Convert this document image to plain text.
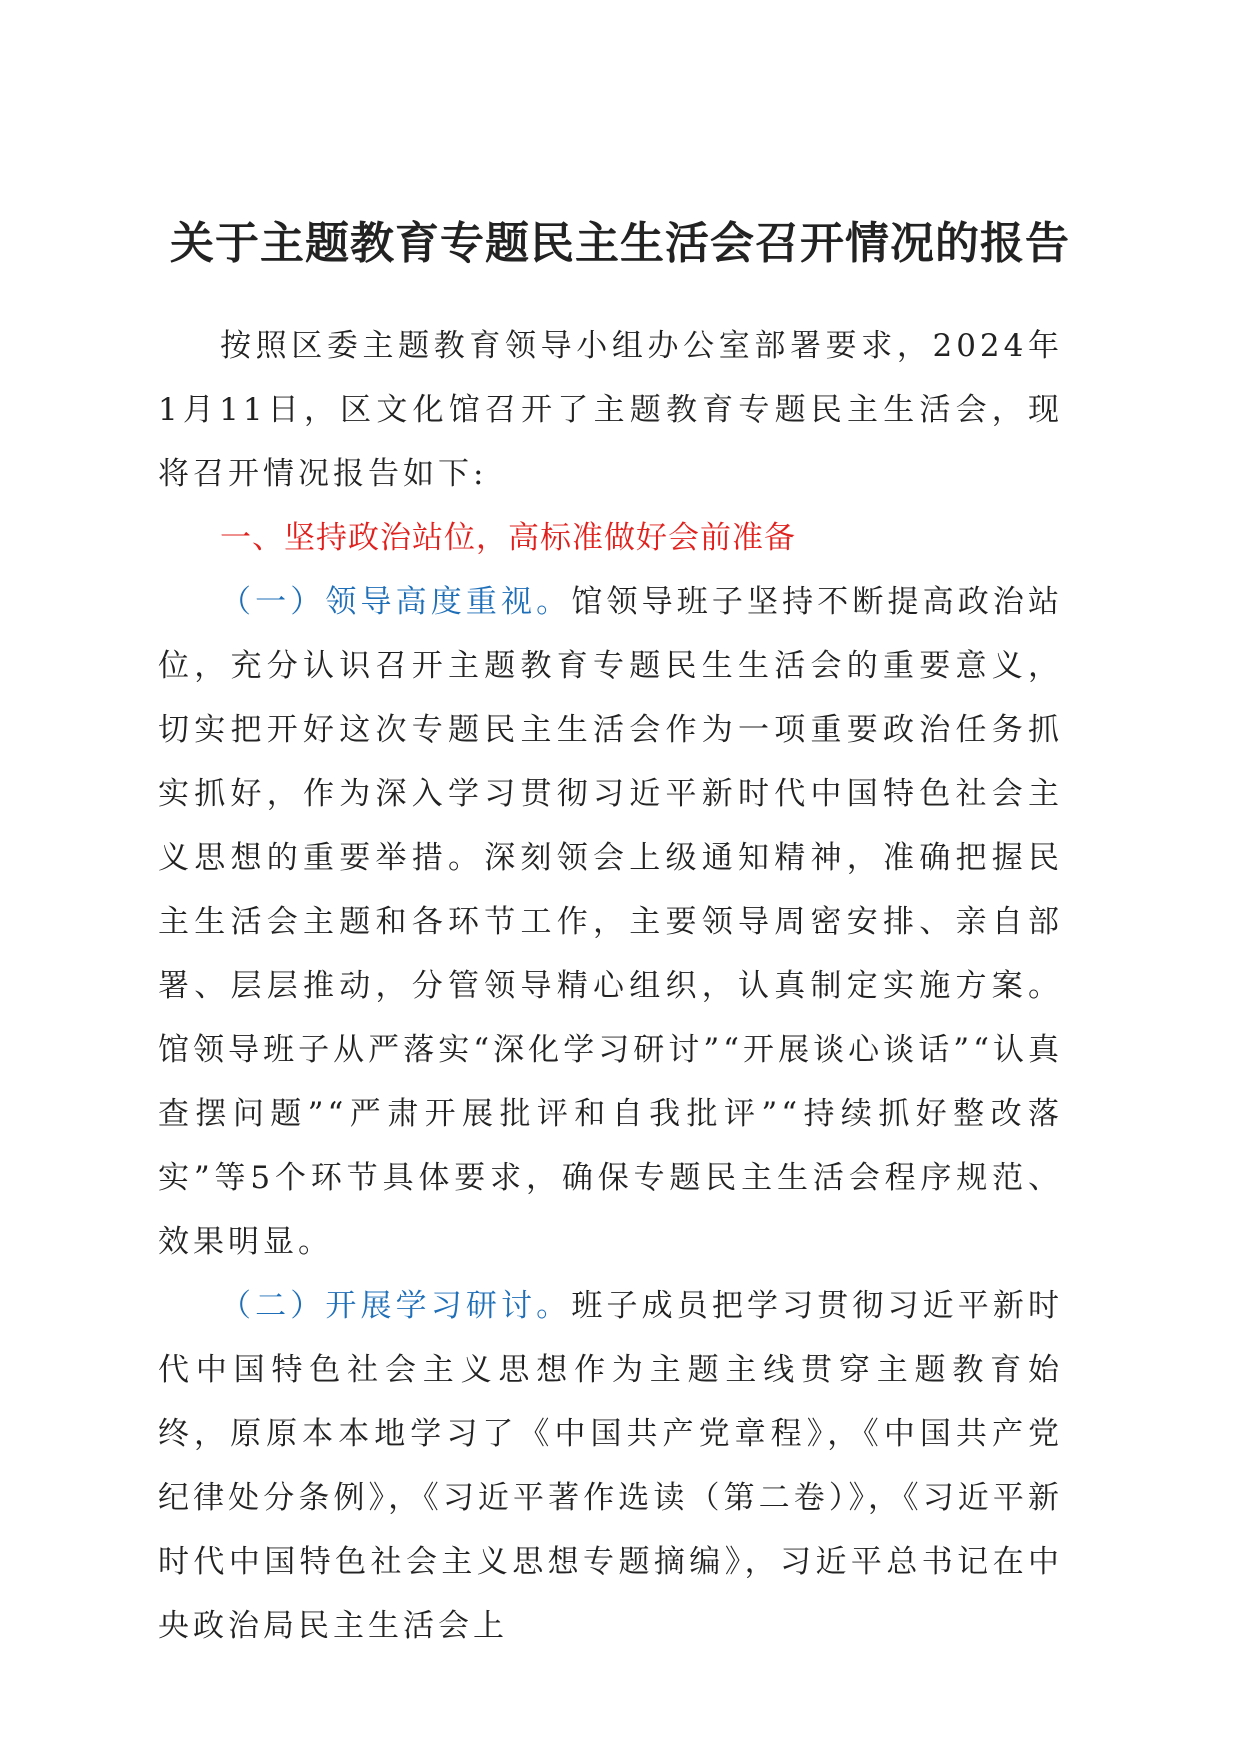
关于主题教育专题民主生活会召开情况的报告

按照区委主题教育领导小组办公室部署要求，2024年1月11日，区文化馆召开了主题教育专题民主生活会，现将召开情况报告如下:

一、坚持政治站位，高标准做好会前准备

（一）领导高度重视。馆领导班子坚持不断提高政治站位，充分认识召开主题教育专题民生生活会的重要意义，切实把开好这次专题民主生活会作为一项重要政治任务抓实抓好，作为深入学习贯彻习近平新时代中国特色社会主义思想的重要举措。深刻领会上级通知精神，准确把握民主生活会主题和各环节工作，主要领导周密安排、亲自部署、层层推动，分管领导精心组织，认真制定实施方案。馆领导班子从严落实“深化学习研讨”“开展谈心谈话”“认真查摆问题”“严肃开展批评和自我批评”“持续抓好整改落实”等5个环节具体要求，确保专题民主生活会程序规范、效果明显。

（二）开展学习研讨。班子成员把学习贯彻习近平新时代中国特色社会主义思想作为主题主线贯穿主题教育始终，原原本本地学习了《中国共产党章程》，《中国共产党纪律处分条例》，《习近平著作选读（第二卷）》，《习近平新时代中国特色社会主义思想专题摘编》，习近平总书记在中央政治局民主生活会上
